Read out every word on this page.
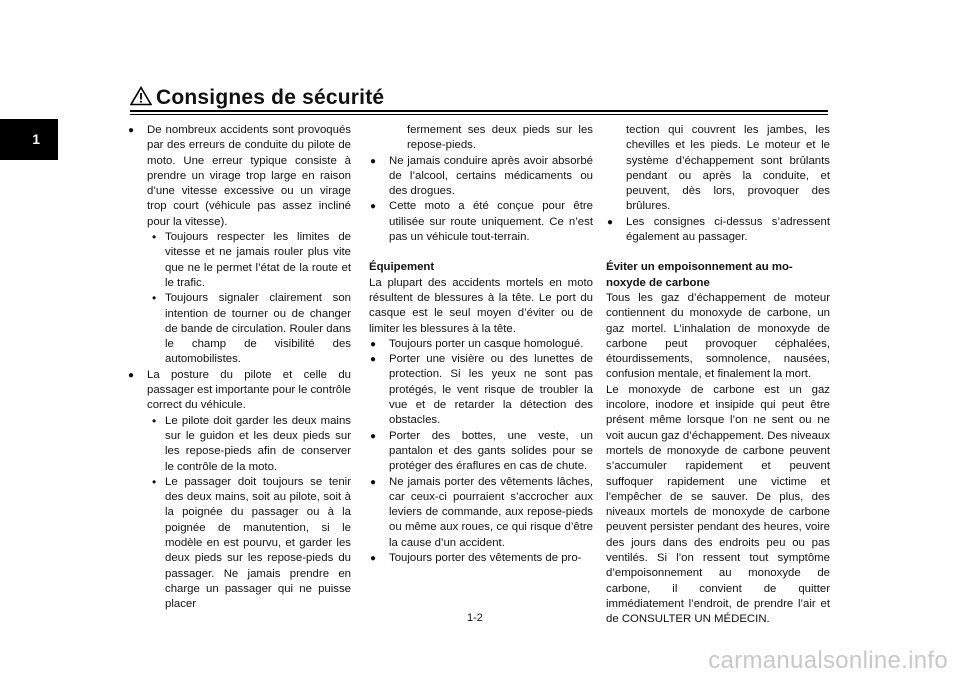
1
Consignes de sécurité
● De nombreux accidents sont provoqués par des erreurs de conduite du pilote de moto. Une erreur typique consiste à prendre un virage trop large en raison d’une vitesse excessive ou un virage trop court (véhicule pas assez incliné pour la vitesse).
• Toujours respecter les limites de vitesse et ne jamais rouler plus vite que ne le permet l’état de la route et le trafic.
• Toujours signaler clairement son intention de tourner ou de changer de bande de circulation. Rouler dans le champ de visibilité des automobilistes.
● La posture du pilote et celle du passager est importante pour le contrôle correct du véhicule.
• Le pilote doit garder les deux mains sur le guidon et les deux pieds sur les repose-pieds afin de conserver le contrôle de la moto.
• Le passager doit toujours se tenir des deux mains, soit au pilote, soit à la poignée du passager ou à la poignée de manutention, si le modèle en est pourvu, et garder les deux pieds sur les repose-pieds du passager. Ne jamais prendre en charge un passager qui ne puisse placer
fermement ses deux pieds sur les repose-pieds.
● Ne jamais conduire après avoir absorbé de l’alcool, certains médicaments ou des drogues.
● Cette moto a été conçue pour être utilisée sur route uniquement. Ce n’est pas un véhicule tout-terrain.

Équipement

La plupart des accidents mortels en moto résultent de blessures à la tête. Le port du casque est le seul moyen d’éviter ou de limiter les blessures à la tête.

● Toujours porter un casque homologué.
● Porter une visière ou des lunettes de protection. Si les yeux ne sont pas protégés, le vent risque de troubler la vue et de retarder la détection des obstacles.
● Porter des bottes, une veste, un pantalon et des gants solides pour se protéger des éraflures en cas de chute.
● Ne jamais porter des vêtements lâches, car ceux-ci pourraient s’accrocher aux leviers de commande, aux repose-pieds ou même aux roues, ce qui risque d’être la cause d’un accident.
● Toujours porter des vêtements de pro-
tection qui couvrent les jambes, les chevilles et les pieds. Le moteur et le système d’échappement sont brûlants pendant ou après la conduite, et peuvent, dès lors, provoquer des brûlures.
● Les consignes ci-dessus s’adressent également au passager.

Éviter un empoisonnement au mo-

noxyde de carbone

Tous les gaz d’échappement de moteur contiennent du monoxyde de carbone, un gaz mortel. L’inhalation de monoxyde de carbone peut provoquer céphalées, étourdissements, somnolence, nausées, confusion mentale, et finalement la mort.

Le monoxyde de carbone est un gaz incolore, inodore et insipide qui peut être présent même lorsque l’on ne sent ou ne voit aucun gaz d’échappement. Des niveaux mortels de monoxyde de carbone peuvent s’accumuler rapidement et peuvent suffoquer rapidement une victime et l’empêcher de se sauver. De plus, des niveaux mortels de monoxyde de carbone peuvent persister pendant des heures, voire des jours dans des endroits peu ou pas ventilés. Si l’on ressent tout symptôme d’empoisonnement au monoxyde de carbone, il convient de quitter immédiatement l’endroit, de prendre l’air et de CONSULTER UN MÉDECIN.

1-2
carmanualsonline.info
